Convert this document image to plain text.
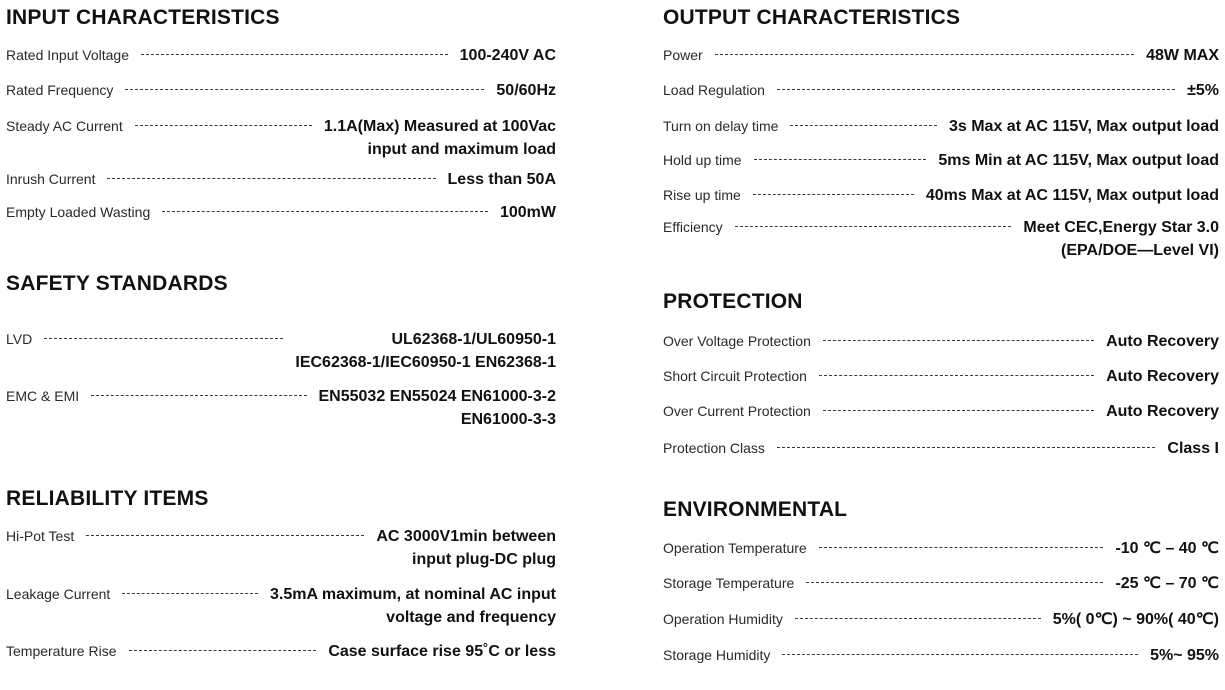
INPUT CHARACTERISTICS
Rated Input Voltage	100-240V AC
Rated Frequency	50/60Hz
Steady AC Current	1.1A(Max) Measured at 100Vac
input and maximum load
Inrush Current	Less than 50A
Empty Loaded Wasting	100mW
SAFETY STANDARDS
LVD	UL62368-1/UL60950-1
IEC62368-1/IEC60950-1 EN62368-1
EMC & EMI	EN55032 EN55024 EN61000-3-2
EN61000-3-3
RELIABILITY ITEMS
Hi-Pot Test	AC 3000V1min between
input plug-DC plug
Leakage Current	3.5mA maximum, at nominal AC input
voltage and frequency
Temperature Rise	Case surface rise 95˚C or less
OUTPUT CHARACTERISTICS
Power	48W MAX
Load Regulation	±5%
Turn on delay time	3s Max at AC 115V, Max output load
Hold up time	5ms Min at AC 115V, Max output load
Rise up time	40ms Max at AC 115V, Max output load
Efficiency	Meet CEC,Energy Star 3.0
(EPA/DOE—Level VI)
PROTECTION
Over Voltage Protection	Auto Recovery
Short Circuit Protection	Auto Recovery
Over Current Protection	Auto Recovery
Protection Class	Class I
ENVIRONMENTAL
Operation Temperature	-10 ℃ – 40 ℃
Storage Temperature	-25 ℃ – 70 ℃
Operation Humidity	5%( 0℃) ~ 90%( 40℃)
Storage Humidity	5%~ 95%
